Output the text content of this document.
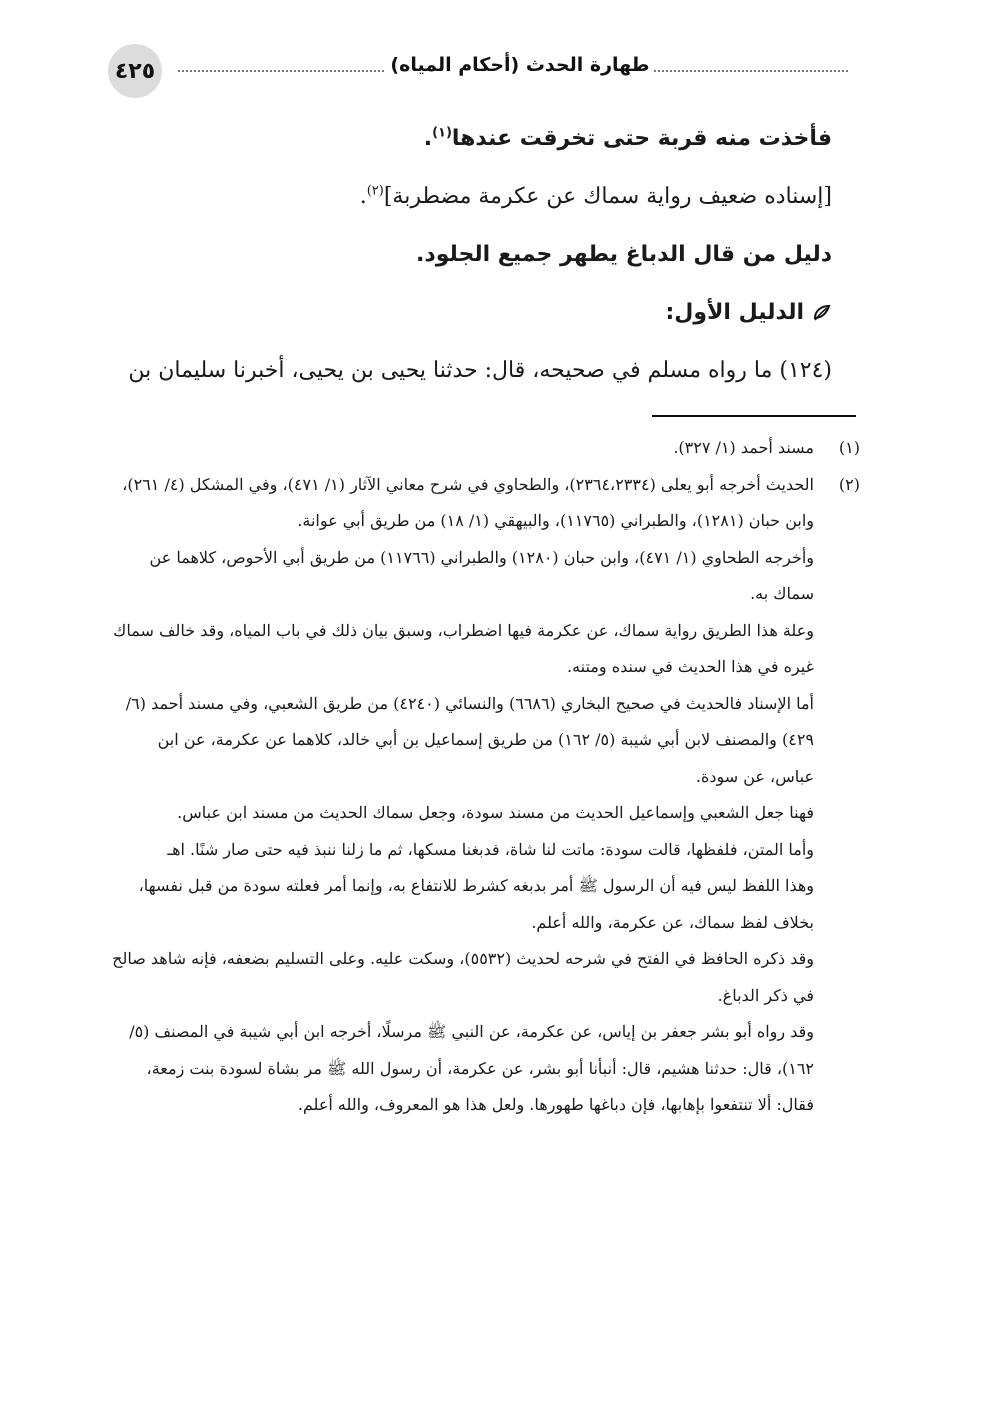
٤٢٥	طهارة الحدث (أحكام المياه)

فأخذت منه قربة حتى تخرقت عندها$^{(١)}$.

[إسناده ضعيف رواية سماك عن عكرمة مضطربة]$^{(٢)}$.

دليل من قال الدباغ يطهر جميع الجلود.

الدليل الأول:

(١٢٤) ما رواه مسلم في صحيحه، قال: حدثنا يحيى بن يحيى، أخبرنا سليمان بن

(١)

مسند أحمد (١/ ٣٢٧).

(٢)

الحديث أخرجه أبو يعلى (٢٣٦٤،٢٣٣٤)، والطحاوي في شرح معاني الآثار (١/ ٤٧١)، وفي المشكل (٤/ ٢٦١)، وابن حبان (١٢٨١)، والطبراني (١١٧٦٥)، والبيهقي (١/ ١٨) من طريق أبي عوانة.

وأخرجه الطحاوي (١/ ٤٧١)، وابن حبان (١٢٨٠) والطبراني (١١٧٦٦) من طريق أبي الأحوص، كلاهما عن سماك به.

وعلة هذا الطريق رواية سماك، عن عكرمة فيها اضطراب، وسبق بيان ذلك في باب المياه، وقد خالف سماك غيره في هذا الحديث في سنده ومتنه.

أما الإسناد فالحديث في صحيح البخاري (٦٦٨٦) والنسائي (٤٢٤٠) من طريق الشعبي، وفي مسند أحمد (٦/ ٤٢٩) والمصنف لابن أبي شيبة (٥/ ١٦٢) من طريق إسماعيل بن أبي خالد، كلاهما عن عكرمة، عن ابن عباس، عن سودة.

فهنا جعل الشعبي وإسماعيل الحديث من مسند سودة، وجعل سماك الحديث من مسند ابن عباس.

وأما المتن، فلفظها، قالت سودة: ماتت لنا شاة، فدبغنا مسكها، ثم ما زلنا ننبذ فيه حتى صار شنًا. اهـ

وهذا اللفظ ليس فيه أن الرسول ﷺ أمر بدبغه كشرط للانتفاع به، وإنما أمر فعلته سودة من قبل نفسها، بخلاف لفظ سماك، عن عكرمة، والله أعلم.

وقد ذكره الحافظ في الفتح في شرحه لحديث (٥٥٣٢)، وسكت عليه. وعلى التسليم بضعفه، فإنه شاهد صالح في ذكر الدباغ.

وقد رواه أبو بشر جعفر بن إياس، عن عكرمة، عن النبي ﷺ مرسلًا، أخرجه ابن أبي شيبة في المصنف (٥/ ١٦٢)، قال: حدثنا هشيم، قال: أنبأنا أبو بشر، عن عكرمة، أن رسول الله ﷺ مر بشاة لسودة بنت زمعة، فقال: ألا تنتفعوا بإهابها، فإن دباغها طهورها. ولعل هذا هو المعروف، والله أعلم.
